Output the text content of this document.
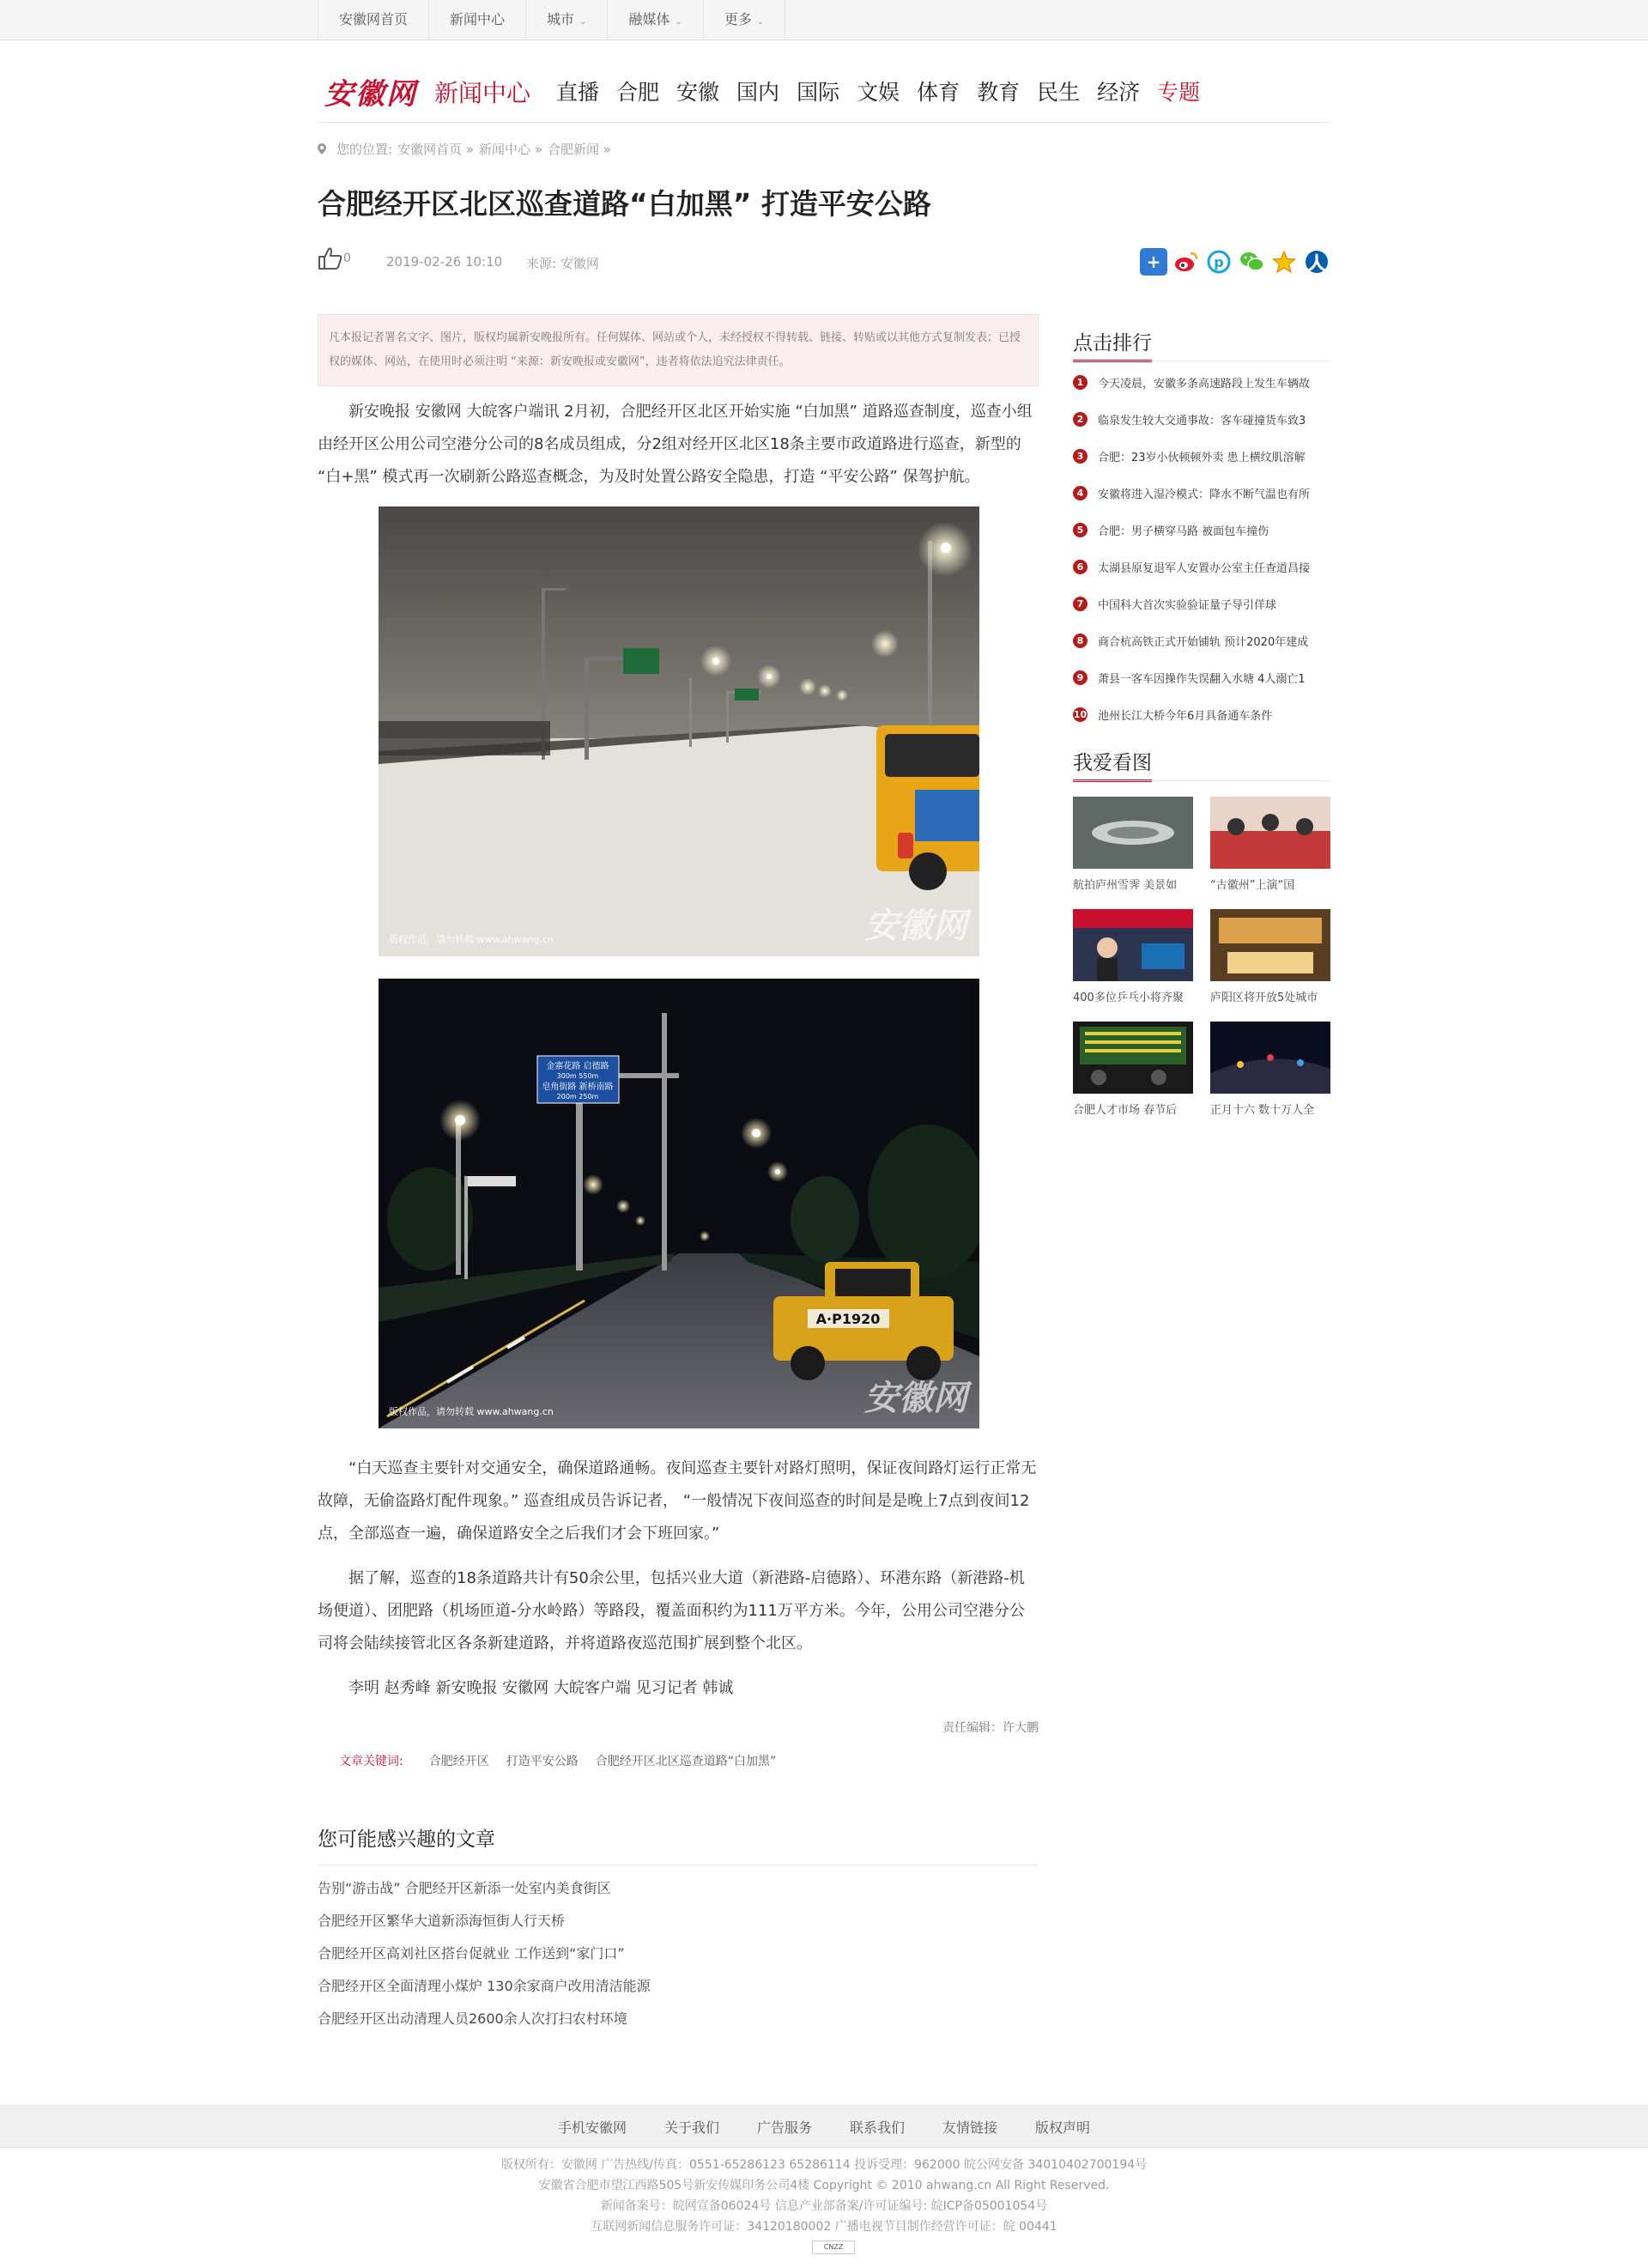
安徽网首页	新闻中心	城市 ⌄	融媒体 ⌄	更多 ⌄
安徽网 新闻中心 直播 合肥 安徽 国内 国际 文娱 体育 教育 民生 经济 专题
您的位置: 安徽网首页 » 新闻中心 » 合肥新闻 »
合肥经开区北区巡查道路“白加黑” 打造平安公路
0	2019-02-26 10:10 来源: 安徽网	+	p
凡本报记者署名文字、图片，版权均属新安晚报所有。任何媒体、网站或个人，未经授权不得转载、链接、转贴或以其他方式复制发表；已授权的媒体、网站，在使用时必须注明 “来源：新安晚报或安徽网”，违者将依法追究法律责任。

新安晚报 安徽网 大皖客户端讯 2月初，合肥经开区北区开始实施 “白加黑” 道路巡查制度，巡查小组由经开区公用公司空港分公司的8名成员组成，分2组对经开区北区18条主要市政道路进行巡查，新型的 “白+黑” 模式再一次刷新公路巡查概念，为及时处置公路安全隐患，打造 “平安公路” 保驾护航。

版权作品，请勿转载 www.ahwang.cn	安徽网
金寨花路 启德路
300m 550m
皂角街路 新桥南路
200m 250m
A·P1920
版权作品，请勿转载 www.ahwang.cn	安徽网

“白天巡查主要针对交通安全，确保道路通畅。夜间巡查主要针对路灯照明，保证夜间路灯运行正常无故障，无偷盗路灯配件现象。” 巡查组成员告诉记者， “一般情况下夜间巡查的时间是是晚上7点到夜间12点，全部巡查一遍，确保道路安全之后我们才会下班回家。”

据了解，巡查的18条道路共计有50余公里，包括兴业大道（新港路-启德路）、环港东路（新港路-机场便道）、团肥路（机场匝道-分水岭路）等路段，覆盖面积约为111万平方米。今年，公用公司空港分公司将会陆续接管北区各条新建道路，并将道路夜巡范围扩展到整个北区。

李明 赵秀峰 新安晚报 安徽网 大皖客户端 见习记者 韩诚

责任编辑：许大鹏
文章关键词: 合肥经开区 打造平安公路 合肥经开区北区巡查道路“白加黑”
您可能感兴趣的文章
告别“游击战” 合肥经开区新添一处室内美食街区
合肥经开区繁华大道新添海恒街人行天桥
合肥经开区高刘社区搭台促就业 工作送到“家门口”
合肥经开区全面清理小煤炉 130余家商户改用清洁能源
合肥经开区出动清理人员2600余人次打扫农村环境
点击排行
1	今天凌晨，安徽多条高速路段上发生车辆故
2	临泉发生较大交通事故：客车碰撞货车致3
3	合肥：23岁小伙顿顿外卖 患上横纹肌溶解
4	安徽将进入湿冷模式：降水不断气温也有所
5	合肥：男子横穿马路 被面包车撞伤
6	太湖县原复退军人安置办公室主任查道昌接
7	中国科大首次实验验证量子导引佯球
8	商合杭高铁正式开始铺轨 预计2020年建成
9	萧县一客车因操作失误翻入水塘 4人溺亡1
10 池州长江大桥今年6月具备通车条件
我爱看图
航拍庐州雪霁 美景如	“古徽州”上演“国
400多位乒乓小将齐聚	庐阳区将开放5处城市
合肥人才市场 春节后	正月十六 数十万人全
手机安徽网	关于我们	广告服务	联系我们	友情链接	版权声明
版权所有：安徽网 广告热线/传真：0551-65286123 65286114 投诉受理：962000 皖公网安备 34010402700194号
安徽省合肥市望江西路505号新安传媒印务公司4楼 Copyright © 2010 ahwang.cn All Right Reserved.
新闻备案号：皖网宣备06024号 信息产业部备案/许可证编号: 皖ICP备05001054号
互联网新闻信息服务许可证：34120180002 广播电视节目制作经营许可证：皖 00441
CNZZ
